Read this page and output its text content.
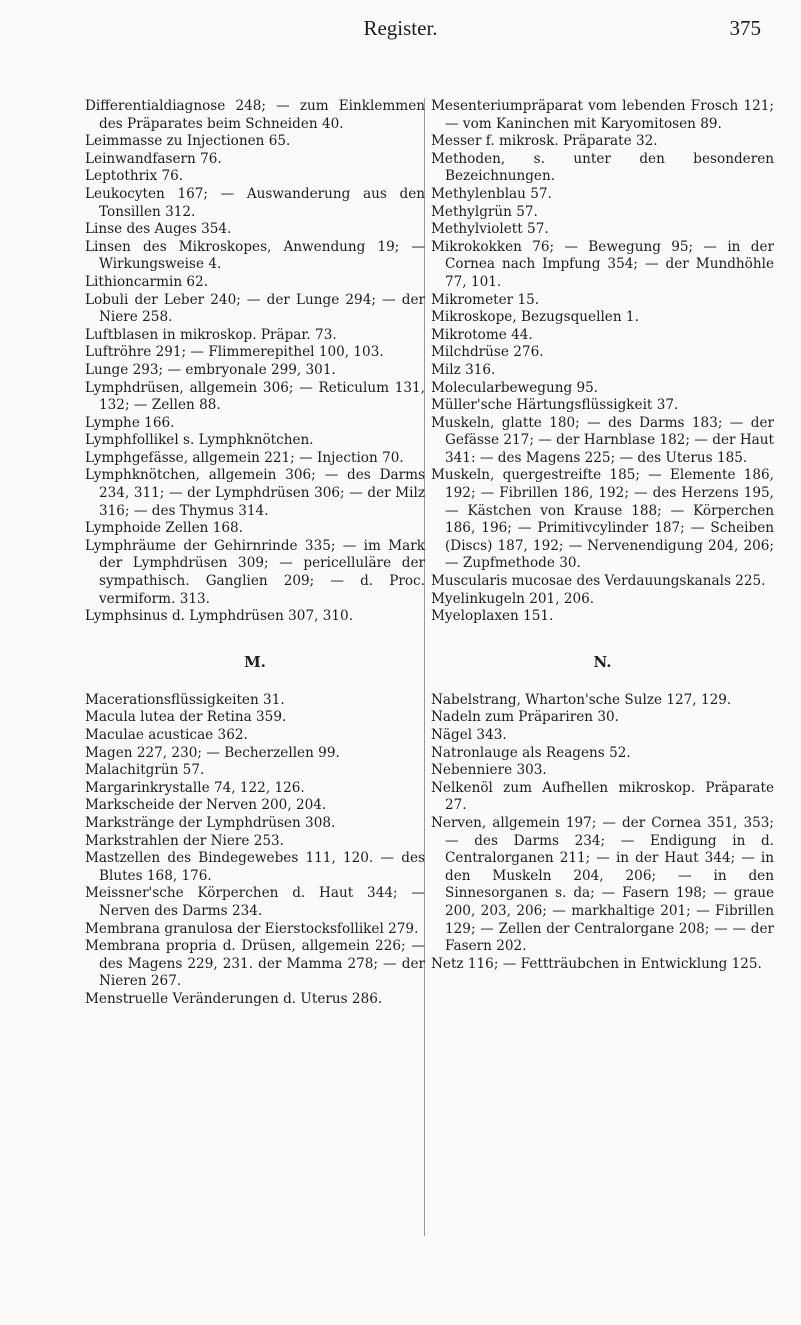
Register.	375

Differentialdiagnose 248; — zum Einklemmen des Präparates beim Schneiden 40.

Leimmasse zu Injectionen 65.

Leinwandfasern 76.

Leptothrix 76.

Leukocyten 167; — Auswanderung aus den Tonsillen 312.

Linse des Auges 354.

Linsen des Mikroskopes, Anwendung 19; — Wirkungsweise 4.

Lithioncarmin 62.

Lobuli der Leber 240; — der Lunge 294; — der Niere 258.

Luftblasen in mikroskop. Präpar. 73.

Luftröhre 291; — Flimmerepithel 100, 103.

Lunge 293; — embryonale 299, 301.

Lymphdrüsen, allgemein 306; — Reticulum 131, 132; — Zellen 88.

Lymphe 166.

Lymphfollikel s. Lymphknötchen.

Lymphgefässe, allgemein 221; — Injection 70.

Lymphknötchen, allgemein 306; — des Darms 234, 311; — der Lymphdrüsen 306; — der Milz 316; — des Thymus 314.

Lymphoide Zellen 168.

Lymphräume der Gehirnrinde 335; — im Mark der Lymphdrüsen 309; — pericelluläre der sympathisch. Ganglien 209; — d. Proc. vermiform. 313.

Lymphsinus d. Lymphdrüsen 307, 310.

M.

Macerationsflüssigkeiten 31.

Macula lutea der Retina 359.

Maculae acusticae 362.

Magen 227, 230; — Becherzellen 99.

Malachitgrün 57.

Margarinkrystalle 74, 122, 126.

Markscheide der Nerven 200, 204.

Markstränge der Lymphdrüsen 308.

Markstrahlen der Niere 253.

Mastzellen des Bindegewebes 111, 120. — des Blutes 168, 176.

Meissner'sche Körperchen d. Haut 344; — Nerven des Darms 234.

Membrana granulosa der Eierstocksfollikel 279.

Membrana propria d. Drüsen, allgemein 226; — des Magens 229, 231. der Mamma 278; — der Nieren 267.

Menstruelle Veränderungen d. Uterus 286.

Mesenteriumpräparat vom lebenden Frosch 121; — vom Kaninchen mit Karyomitosen 89.

Messer f. mikrosk. Präparate 32.

Methoden, s. unter den besonderen Bezeichnungen.

Methylenblau 57.

Methylgrün 57.

Methylviolett 57.

Mikrokokken 76; — Bewegung 95; — in der Cornea nach Impfung 354; — der Mundhöhle 77, 101.

Mikrometer 15.

Mikroskope, Bezugsquellen 1.

Mikrotome 44.

Milchdrüse 276.

Milz 316.

Molecularbewegung 95.

Müller'sche Härtungsflüssigkeit 37.

Muskeln, glatte 180; — des Darms 183; — der Gefässe 217; — der Harnblase 182; — der Haut 341: — des Magens 225; — des Uterus 185.

Muskeln, quergestreifte 185; — Elemente 186, 192; — Fibrillen 186, 192; — des Herzens 195, — Kästchen von Krause 188; — Körperchen 186, 196; — Primitivcylinder 187; — Scheiben (Discs) 187, 192; — Nervenendigung 204, 206; — Zupfmethode 30.

Muscularis mucosae des Verdauungskanals 225.

Myelinkugeln 201, 206.

Myeloplaxen 151.

N.

Nabelstrang, Wharton'sche Sulze 127, 129.

Nadeln zum Präpariren 30.

Nägel 343.

Natronlauge als Reagens 52.

Nebenniere 303.

Nelkenöl zum Aufhellen mikroskop. Präparate 27.

Nerven, allgemein 197; — der Cornea 351, 353; — des Darms 234; — Endigung in d. Centralorganen 211; — in der Haut 344; — in den Muskeln 204, 206; — in den Sinnesorganen s. da; — Fasern 198; — graue 200, 203, 206; — markhaltige 201; — Fibrillen 129; — Zellen der Centralorgane 208; — — der Fasern 202.

Netz 116; — Fettträubchen in Entwicklung 125.
